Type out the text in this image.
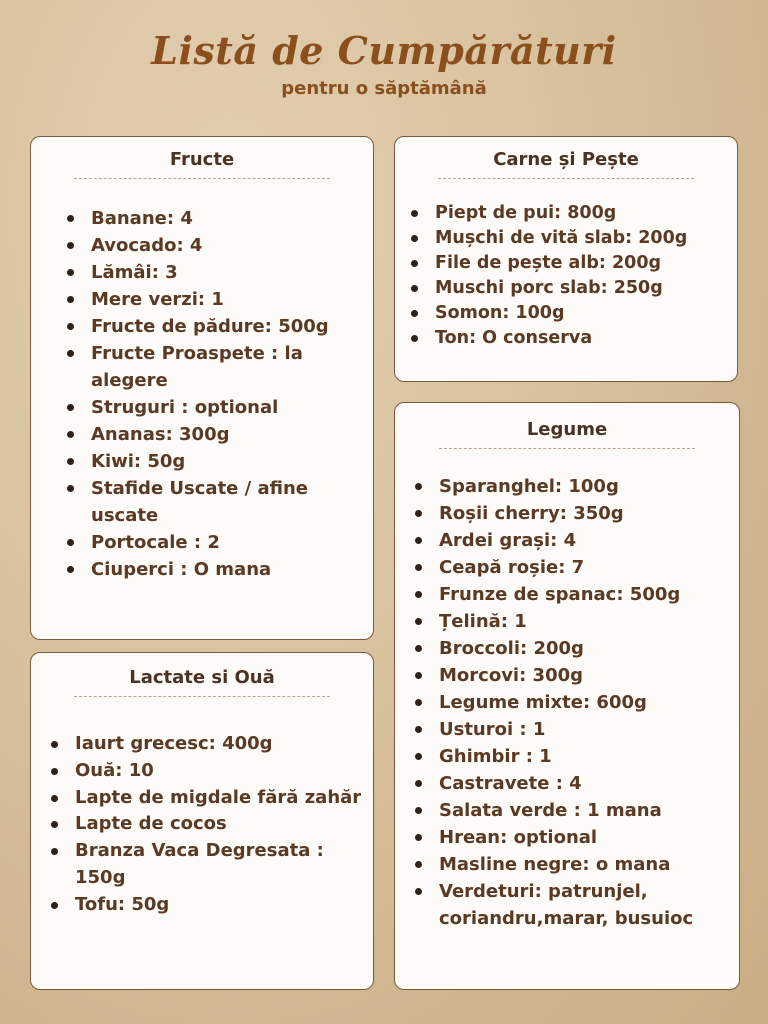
Listă de Cumpărături
pentru o săptămână
Fructe
Banane: 4
Avocado: 4
Lămâi: 3
Mere verzi: 1
Fructe de pădure: 500g
Fructe Proaspete : la alegere
Struguri : optional
Ananas: 300g
Kiwi: 50g
Stafide Uscate / afine uscate
Portocale : 2
Ciuperci : O mana
Carne și Pește
Piept de pui: 800g
Mușchi de vită slab: 200g
File de pește alb: 200g
Muschi porc slab: 250g
Somon: 100g
Ton: O conserva
Legume
Sparanghel: 100g
Roșii cherry: 350g
Ardei grași: 4
Ceapă roșie: 7
Frunze de spanac: 500g
Țelină: 1
Broccoli: 200g
Morcovi: 300g
Legume mixte: 600g
Usturoi : 1
Ghimbir : 1
Castravete : 4
Salata verde : 1 mana
Hrean: optional
Masline negre: o mana
Verdeturi: patrunjel, coriandru,marar, busuioc
Lactate si Ouă
Iaurt grecesc: 400g
Ouă: 10
Lapte de migdale fără zahăr
Lapte de cocos
Branza Vaca Degresata : 150g
Tofu: 50g
